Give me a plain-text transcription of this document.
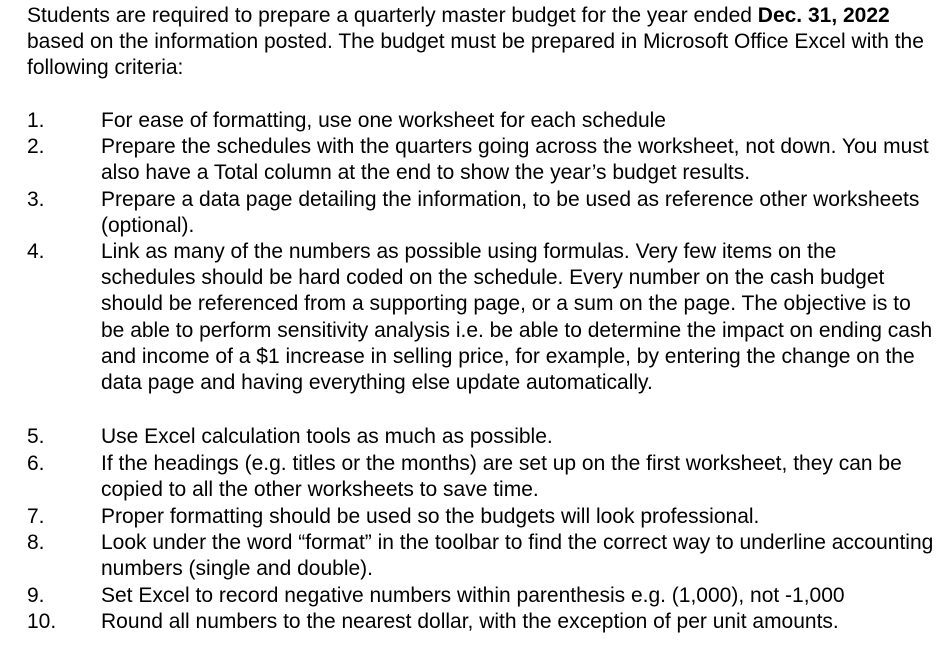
Students are required to prepare a quarterly master budget for the year ended Dec. 31, 2022 based on the information posted. The budget must be prepared in Microsoft Office Excel with the following criteria:

1.	For ease of formatting, use one worksheet for each schedule

2.	Prepare the schedules with the quarters going across the worksheet, not down. You must also have a Total column at the end to show the year’s budget results.

3.	Prepare a data page detailing the information, to be used as reference other worksheets (optional).

4.	Link as many of the numbers as possible using formulas. Very few items on the schedules should be hard coded on the schedule. Every number on the cash budget should be referenced from a supporting page, or a sum on the page. The objective is to be able to perform sensitivity analysis i.e. be able to determine the impact on ending cash and income of a $1 increase in selling price, for example, by entering the change on the data page and having everything else update automatically.

5.	Use Excel calculation tools as much as possible.

6.	If the headings (e.g. titles or the months) are set up on the first worksheet, they can be copied to all the other worksheets to save time.

7.	Proper formatting should be used so the budgets will look professional.

8.	Look under the word “format” in the toolbar to find the correct way to underline accounting numbers (single and double).

9.	Set Excel to record negative numbers within parenthesis e.g. (1,000), not -1,000

10. Round all numbers to the nearest dollar, with the exception of per unit amounts.
